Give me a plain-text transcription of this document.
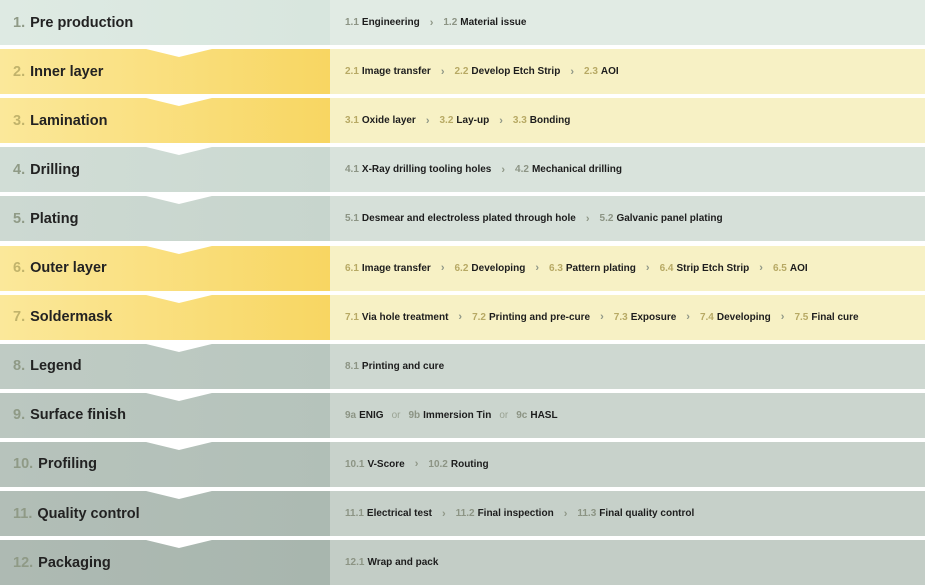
1. Pre production	1.1 Engineering › 1.2 Material issue
2. Inner layer	2.1 Image transfer › 2.2 Develop Etch Strip › 2.3 AOI
3. Lamination	3.1 Oxide layer › 3.2 Lay-up › 3.3 Bonding
4. Drilling	4.1 X-Ray drilling tooling holes › 4.2 Mechanical drilling
5. Plating	5.1 Desmear and electroless plated through hole › 5.2 Galvanic panel plating
6. Outer layer	6.1 Image transfer › 6.2 Developing › 6.3 Pattern plating › 6.4 Strip Etch Strip › 6.5 AOI
7. Soldermask	7.1 Via hole treatment › 7.2 Printing and pre-cure › 7.3 Exposure › 7.4 Developing › 7.5 Final cure
8. Legend	8.1 Printing and cure
9. Surface finish	9a ENIG or 9b Immersion Tin or 9c HASL
10. Profiling	10.1 V-Score › 10.2 Routing
11. Quality control	11.1 Electrical test › 11.2 Final inspection › 11.3 Final quality control
12. Packaging	12.1 Wrap and pack
